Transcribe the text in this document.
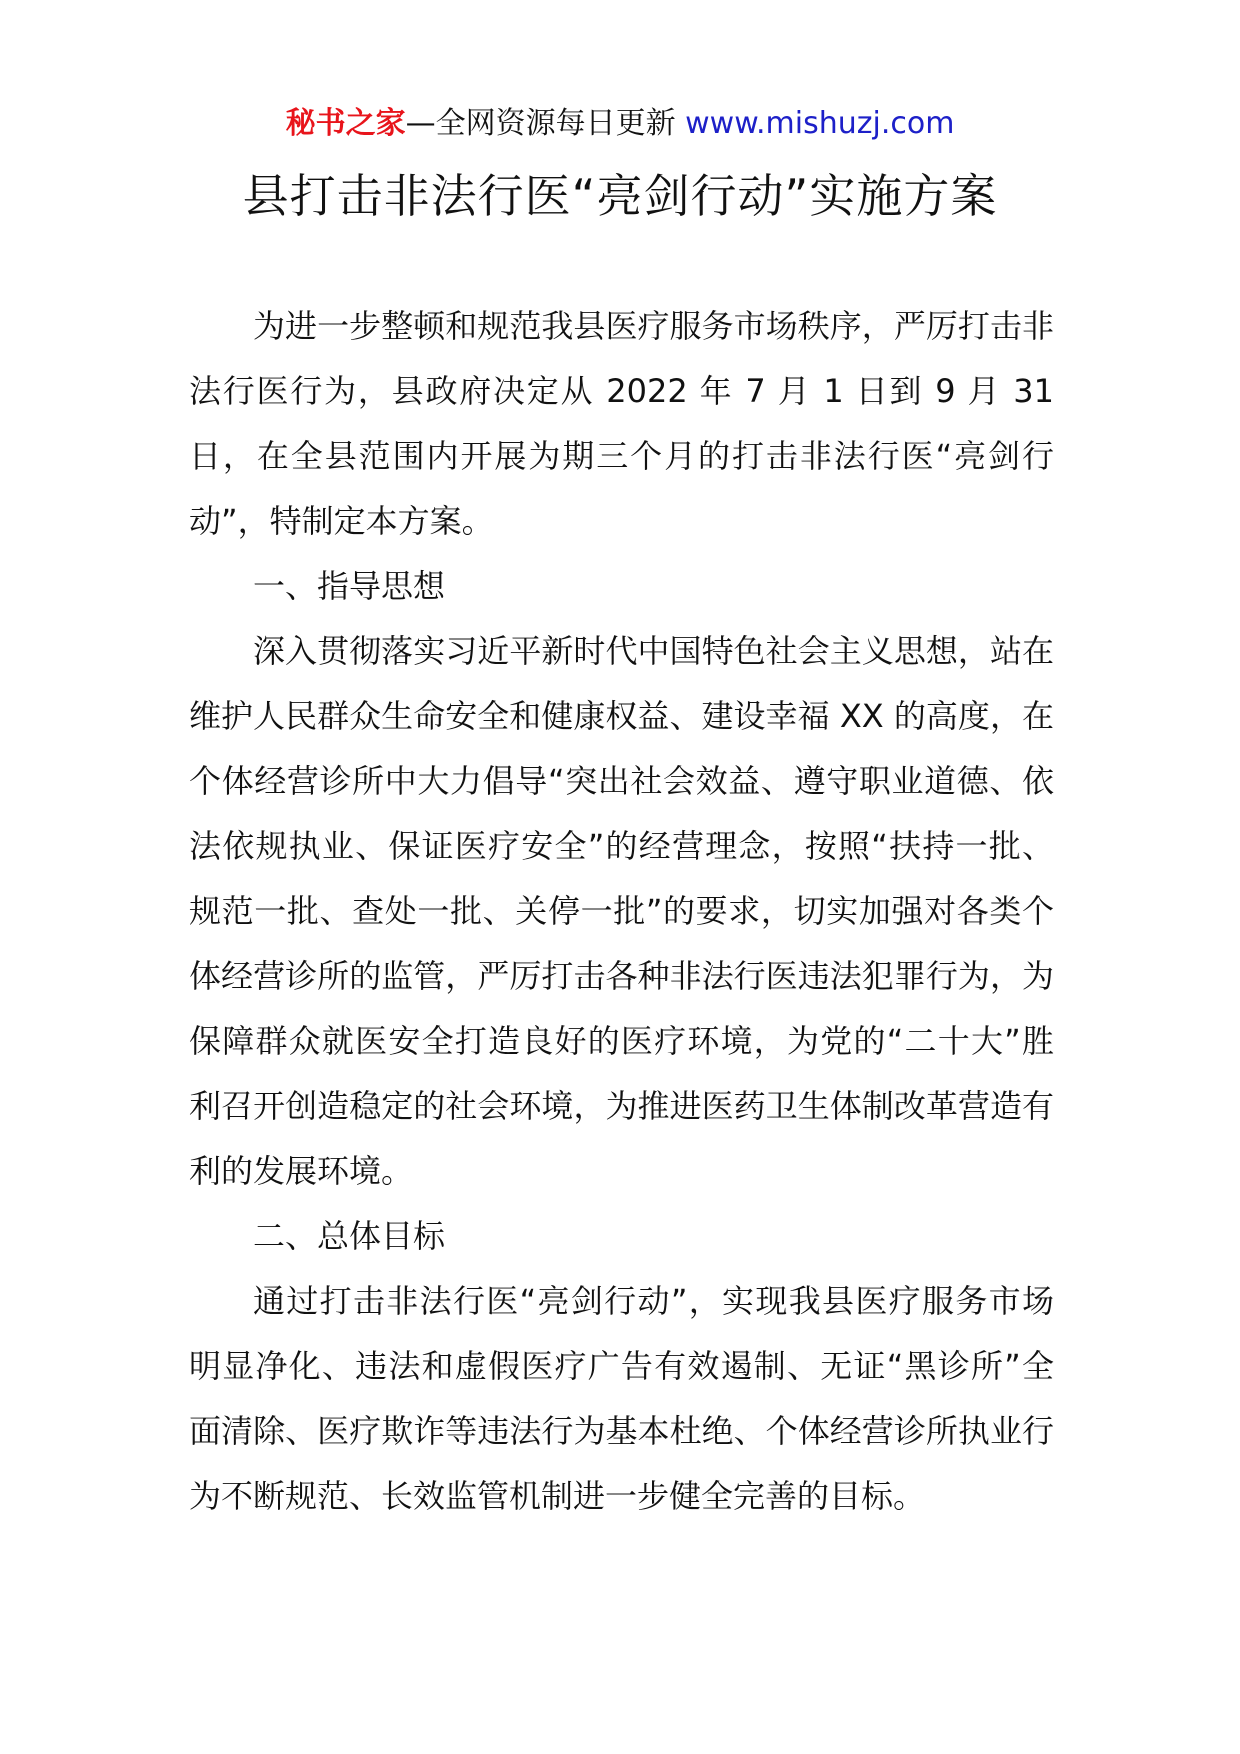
秘书之家—全网资源每日更新 www.mishuzj.com
县打击非法行医“亮剑行动”实施方案

为进一步整顿和规范我县医疗服务市场秩序，严厉打击非法行医行为，县政府决定从 2022 年 7 月 1 日到 9 月 31 日，在全县范围内开展为期三个月的打击非法行医“亮剑行动”，特制定本方案。

一、指导思想

深入贯彻落实习近平新时代中国特色社会主义思想，站在维护人民群众生命安全和健康权益、建设幸福 XX 的高度，在个体经营诊所中大力倡导“突出社会效益、遵守职业道德、依法依规执业、保证医疗安全”的经营理念，按照“扶持一批、规范一批、查处一批、关停一批”的要求，切实加强对各类个体经营诊所的监管，严厉打击各种非法行医违法犯罪行为，为保障群众就医安全打造良好的医疗环境，为党的“二十大”胜利召开创造稳定的社会环境，为推进医药卫生体制改革营造有利的发展环境。

二、总体目标

通过打击非法行医“亮剑行动”，实现我县医疗服务市场明显净化、违法和虚假医疗广告有效遏制、无证“黑诊所”全面清除、医疗欺诈等违法行为基本杜绝、个体经营诊所执业行为不断规范、长效监管机制进一步健全完善的目标。
